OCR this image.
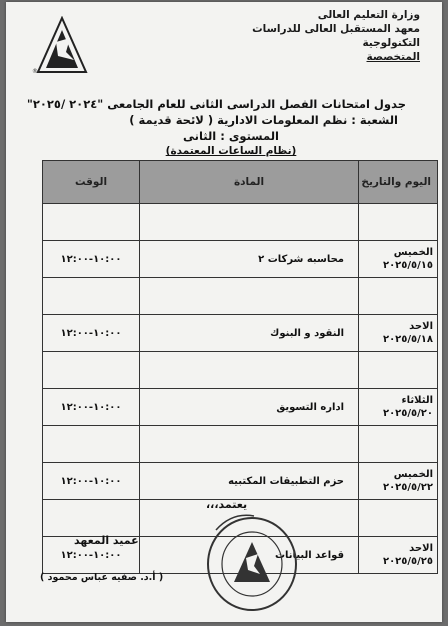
وزارة التعليم العالى
معهد المستقبل العالى للدراسات التكنولوجية
المتخصصة
®

جدول امتحانات الفصل الدراسى الثانى للعام الجامعى "٢٠٢٤ /٢٠٢٥"

الشعبة : نظم المعلومات الادارية ( لائحة قديمة )

المستوى : الثانى

(نظام الساعات المعتمدة)

اليوم والتاريخ	المادة	الوقت

الخميس
٢٠٢٥/٥/١٥	محاسبه شركات ٢	١٠:٠٠-١٢:٠٠

الاحد
٢٠٢٥/٥/١٨	النقود و البنوك	١٠:٠٠-١٢:٠٠

الثلاثاء
٢٠٢٥/٥/٢٠	اداره التسويق	١٠:٠٠-١٢:٠٠

الخميس
٢٠٢٥/٥/٢٢	حزم التطبيقات المكتبيه	١٠:٠٠-١٢:٠٠

الاحد
٢٠٢٥/٥/٢٥	قواعد البيانات	١٠:٠٠-١٢:٠٠
يعتمد،،،
عميد المعهد
( أ.د. صفيه عباس محمود )
